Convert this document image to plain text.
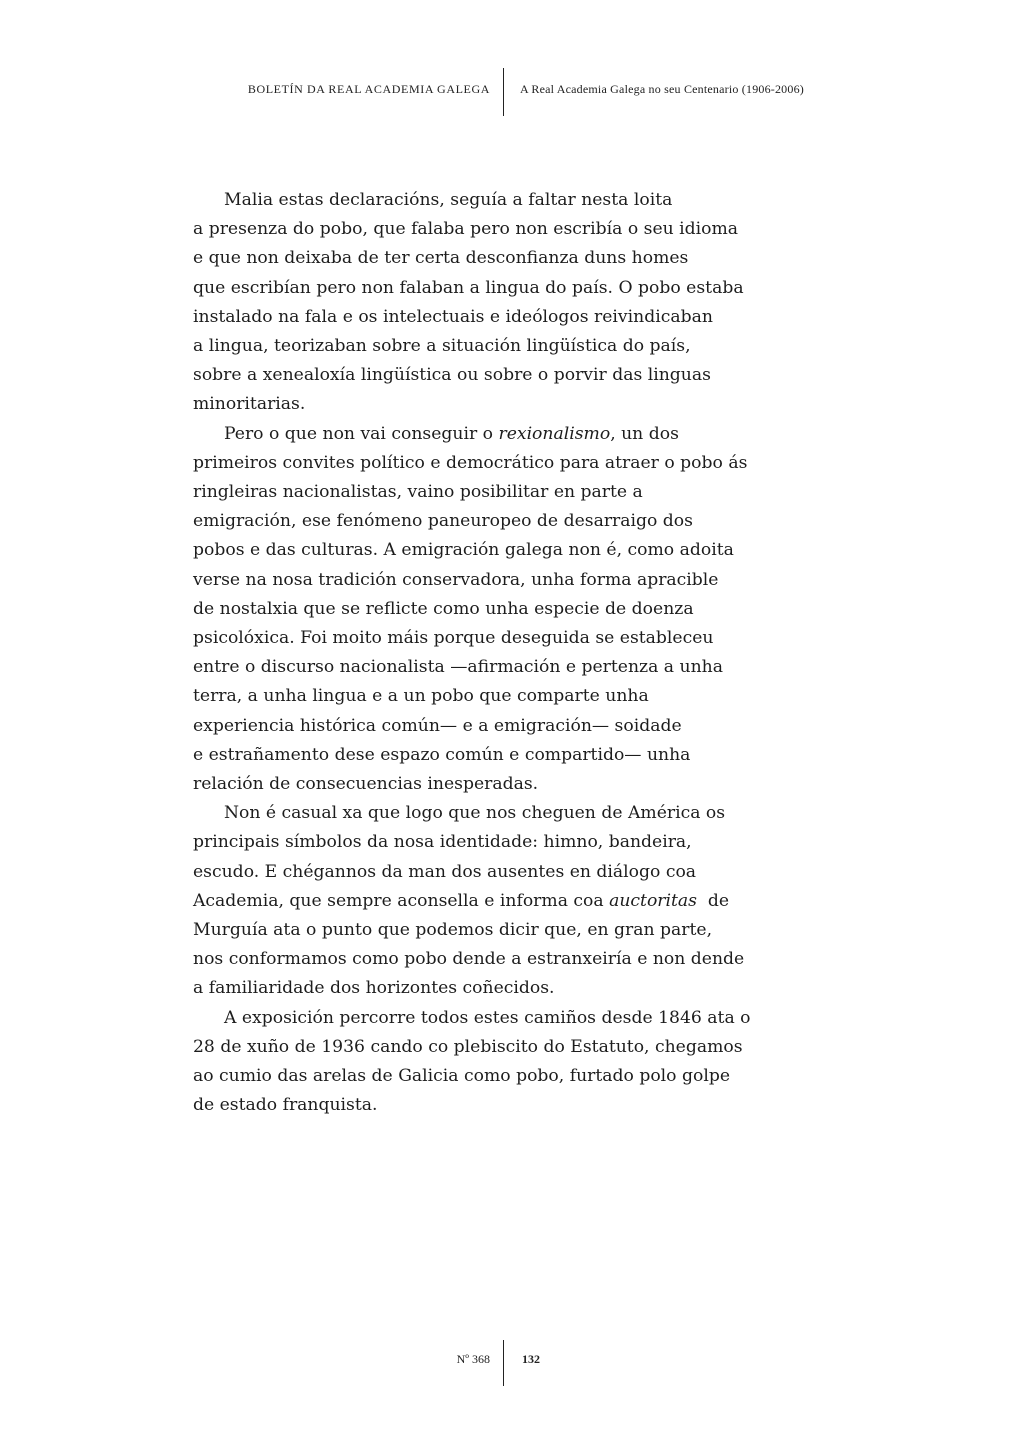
BOLETÍN DA REAL ACADEMIA GALEGA	A Real Academia Galega no seu Centenario (1906-2006)

Malia estas declaracións, seguía a faltar nesta loita
a presenza do pobo, que falaba pero non escribía o seu idioma
e que non deixaba de ter certa desconfianza duns homes
que escribían pero non falaban a lingua do país. O pobo estaba
instalado na fala e os intelectuais e ideólogos reivindicaban
a lingua, teorizaban sobre a situación lingüística do país,
sobre a xenealoxía lingüística ou sobre o porvir das linguas
minoritarias.

Pero o que non vai conseguir o rexionalismo, un dos
primeiros convites político e democrático para atraer o pobo ás
ringleiras nacionalistas, vaino posibilitar en parte a
emigración, ese fenómeno paneuropeo de desarraigo dos
pobos e das culturas. A emigración galega non é, como adoita
verse na nosa tradición conservadora, unha forma apracible
de nostalxia que se reflicte como unha especie de doenza
psicolóxica. Foi moito máis porque deseguida se estableceu
entre o discurso nacionalista —afirmación e pertenza a unha
terra, a unha lingua e a un pobo que comparte unha
experiencia histórica común— e a emigración— soidade
e estrañamento dese espazo común e compartido— unha
relación de consecuencias inesperadas.

Non é casual xa que logo que nos cheguen de América os
principais símbolos da nosa identidade: himno, bandeira,
escudo. E chégannos da man dos ausentes en diálogo coa
Academia, que sempre aconsella e informa coa auctoritas  de
Murguía ata o punto que podemos dicir que, en gran parte,
nos conformamos como pobo dende a estranxeiría e non dende
a familiaridade dos horizontes coñecidos.

A exposición percorre todos estes camiños desde 1846 ata o
28 de xuño de 1936 cando co plebiscito do Estatuto, chegamos
ao cumio das arelas de Galicia como pobo, furtado polo golpe
de estado franquista.

Nº 368	132
